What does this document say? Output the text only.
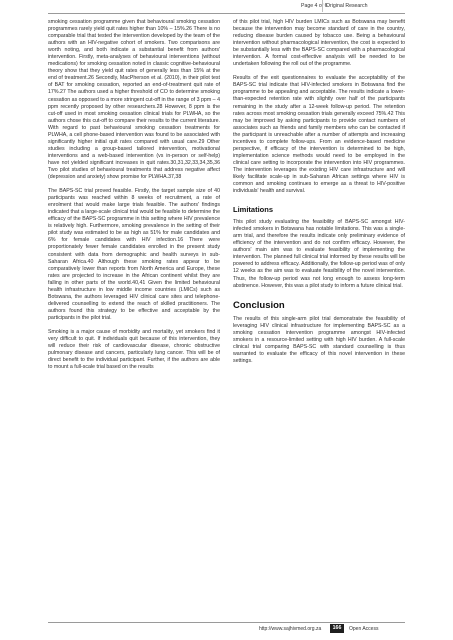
Page 4 of 6
Original Research

smoking cessation programme given that behavioural smoking cessation programmes rarely yield quit rates higher than 10% – 15%.26 There is no comparable trial that tested the intervention developed by the team of the authors with an HIV-negative cohort of smokers. Two comparisons are worth noting, and both indicate a substantial benefit from authors' intervention. Firstly, meta-analyses of behavioural interventions (without medications) for smoking cessation noted in classic cognitive-behavioural theory show that they yield quit rates of generally less than 15% at the end of treatment.26 Secondly, MacPherson et al. (2010), in their pilot test of BAT for smoking cessation, reported an end-of-treatment quit rate of 17%.27 The authors used a higher threshold of CO to determine smoking cessation as opposed to a more stringent cut-off in the range of 3 ppm – 4 ppm recently proposed by other researchers.28 However, 8 ppm is the cut-off used in most smoking cessation clinical trials for PLWHA, so the authors chose this cut-off to compare their results to the current literature. With regard to past behavioural smoking cessation treatments for PLWHA, a cell phone-based intervention was found to be associated with significantly higher initial quit rates compared with usual care.29 Other studies including a group-based tailored intervention, motivational interventions and a web-based intervention (vs in-person or self-help) have not yielded significant increases in quit rates.30,31,32,33,34,35,36 Two pilot studies of behavioural treatments that address negative affect (depression and anxiety) show promise for PLWHA.37,38

The BAPS-SC trial proved feasible. Firstly, the target sample size of 40 participants was reached within 8 weeks of recruitment, a rate of enrolment that would make large trials feasible. The authors' findings indicated that a large-scale clinical trial would be feasible to determine the efficacy of the BAPS-SC programme in this setting where HIV prevalence is relatively high. Furthermore, smoking prevalence in the setting of their pilot study was estimated to be as high as 51% for male candidates and 6% for female candidates with HIV infection.16 There were proportionately fewer female candidates enrolled in the present study consistent with data from demographic and health surveys in sub-Saharan Africa.40 Although these smoking rates appear to be comparatively lower than reports from North America and Europe, these rates are projected to increase in the African continent whilst they are falling in other parts of the world.40,41 Given the limited behavioural health infrastructure in low middle income countries (LMICs) such as Botswana, the authors leveraged HIV clinical care sites and telephone-delivered counselling to extend the reach of skilled practitioners. The authors found this strategy to be effective and acceptable by the participants in the pilot trial.

Smoking is a major cause of morbidity and mortality, yet smokers find it very difficult to quit. If individuals quit because of this intervention, they will reduce their risk of cardiovascular disease, chronic obstructive pulmonary disease and cancers, particularly lung cancer. This will be of direct benefit to the individual participant. Further, if the authors are able to mount a full-scale trial based on the results

of this pilot trial, high HIV burden LMICs such as Botswana may benefit because the intervention may become standard of care in the country, reducing disease burden caused by tobacco use. Being a behavioural intervention without pharmacological intervention, the cost is expected to be substantially less with the BAPS-SC compared with a pharmacological intervention. A formal cost-effective analysis will be needed to be undertaken following the roll out of the programme.

Results of the exit questionnaires to evaluate the acceptability of the BAPS-SC trial indicate that HIV-infected smokers in Botswana find the programme to be appealing and acceptable. The results indicate a lower-than-expected retention rate with slightly over half of the participants remaining in the study after a 12-week follow-up period. The retention rates across most smoking cessation trials generally exceed 75%.42 This may be improved by asking participants to provide contact numbers of associates such as friends and family members who can be contacted if the participant is unreachable after a number of attempts and increasing incentives to complete follow-ups. From an evidence-based medicine perspective, if efficacy of the intervention is determined to be high, implementation science methods would need to be employed in the clinical care setting to incorporate the intervention into HIV programmes. The intervention leverages the existing HIV care infrastructure and will likely facilitate scale-up in sub-Saharan African settings where HIV is common and smoking continues to emerge as a threat to HIV-positive individuals' health and survival.

Limitations

This pilot study evaluating the feasibility of BAPS-SC amongst HIV-infected smokers in Botswana has notable limitations. This was a single-arm trial, and therefore the results indicate only preliminary evidence of efficiency of the intervention and do not confirm efficacy. However, the authors' main aim was to evaluate feasibility of implementing the intervention. The planned full clinical trial informed by these results will be powered to address efficacy. Additionally, the follow-up period was of only 12 weeks as the aim was to evaluate feasibility of the novel intervention. Thus, the follow-up period was not long enough to assess long-term abstinence. However, this was a pilot study to inform a future clinical trial.

Conclusion

The results of this single-arm pilot trial demonstrate the feasibility of leveraging HIV clinical infrastructure for implementing BAPS-SC as a smoking cessation intervention programme amongst HIV-infected smokers in a resource-limited setting with high HIV burden. A full-scale clinical trial comparing BAPS-SC with standard counselling is thus warranted to evaluate the efficacy of this novel intervention in these settings.

http://www.sajhivmed.org.za	166	Open Access
